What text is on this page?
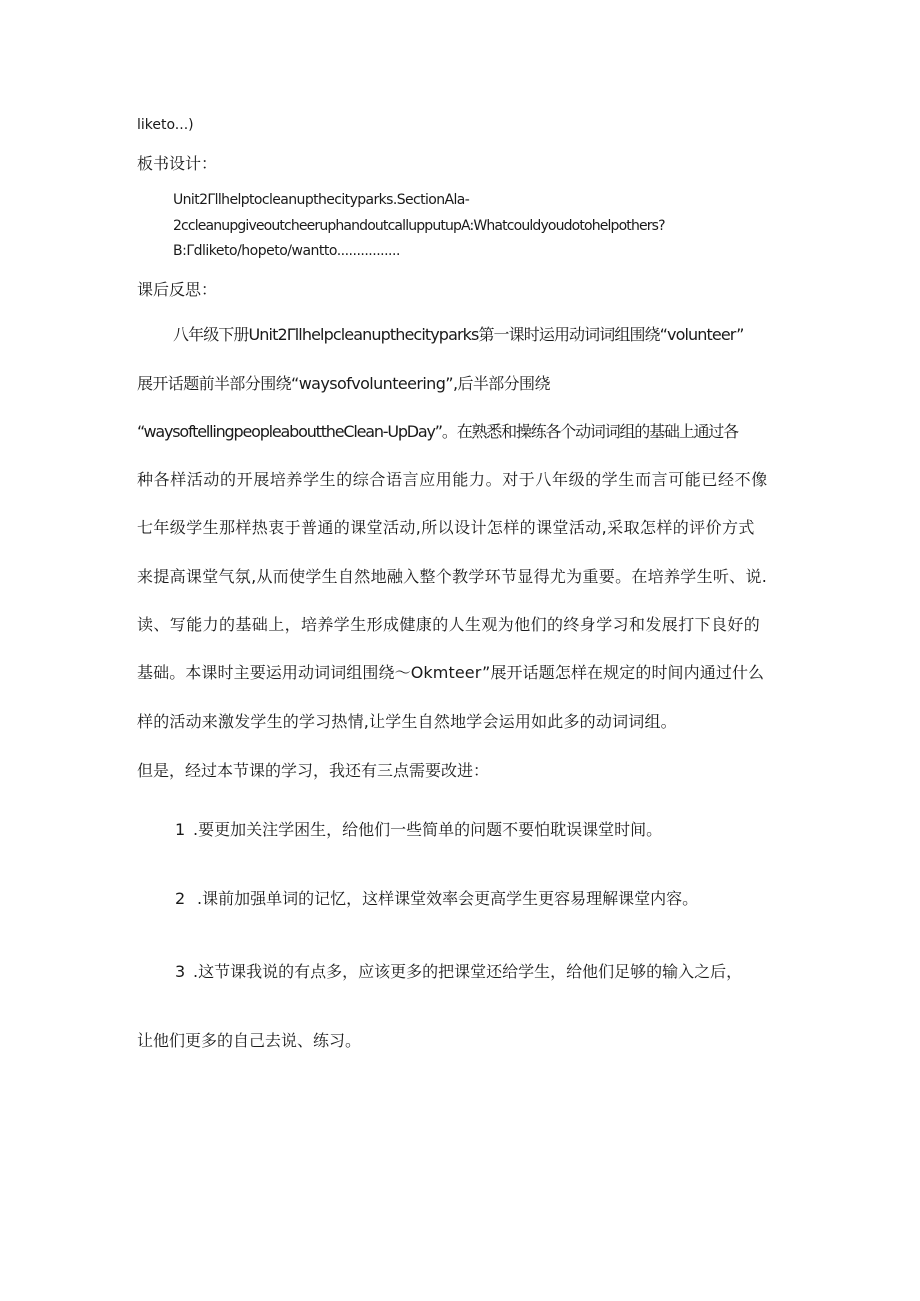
liketo...)

板书设计：

Unit2Γllhelptocleanupthecityparks.SectionAla-

2ccleanupgiveoutcheeruphandoutcallupputupA:Whatcouldyoudotohelpothers?

B:Γdliketo/hopeto/wantto................

课后反思：

八年级下册Unit2Γllhelpcleanupthecityparks第一课时运用动词词组围绕“volunteer”

展开话题前半部分围绕“waysofvolunteering”,后半部分围绕

“waysoftellingpeopleabouttheClean-UpDay”。在熟悉和操练各个动词词组的基础上通过各

种各样活动的开展培养学生的综合语言应用能力。对于八年级的学生而言可能已经不像

七年级学生那样热衷于普通的课堂活动,所以设计怎样的课堂活动,采取怎样的评价方式

来提高课堂气氛,从而使学生自然地融入整个教学环节显得尤为重要。在培养学生听、说.

读、写能力的基础上，培养学生形成健康的人生观为他们的终身学习和发展打下良好的

基础。本课时主要运用动词词组围绕〜Okmteer”展开话题怎样在规定的时间内通过什么

样的活动来激发学生的学习热情,让学生自然地学会运用如此多的动词词组。

但是，经过本节课的学习，我还有三点需要改进：

1 .要更加关注学困生，给他们一些简单的问题不要怕耽误课堂时间。

2 .课前加强单词的记忆，这样课堂效率会更高学生更容易理解课堂内容。

3 .这节课我说的有点多，应该更多的把课堂还给学生，给他们足够的输入之后，

让他们更多的自己去说、练习。
